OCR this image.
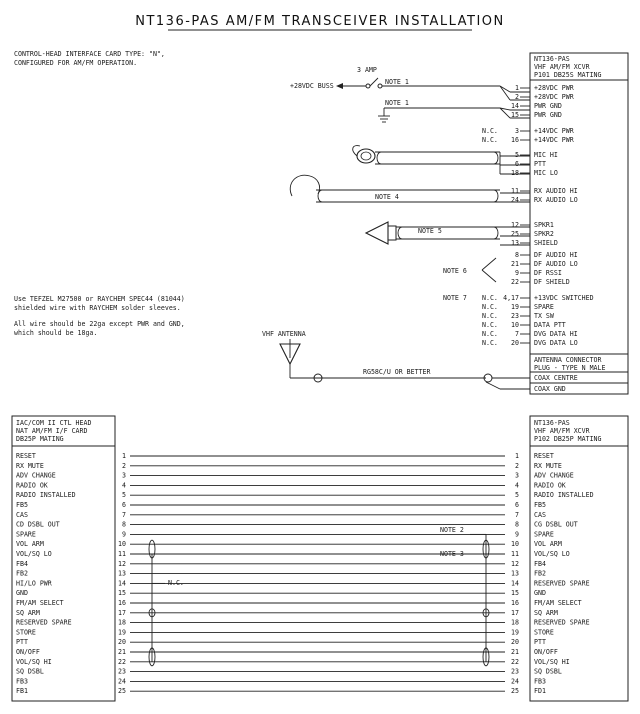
NT136-PAS AM/FM TRANSCEIVER INSTALLATION
CONTROL-HEAD INTERFACE CARD TYPE: "N",
CONFIGURED FOR AM/FM OPERATION.
Use TEFZEL M27500 or RAYCHEM SPEC44 (81044)
shielded wire with RAYCHEM solder sleeves.
All wire should be 22ga except PWR and GND,
which should be 18ga.
NT136-PAS
VHF AM/FM XCVR
P101 DB25S MATING
ANTENNA CONNECTOR
PLUG - TYPE N MALE
COAX CENTRE
COAX GND
1 +28VDC PWR
2 +28VDC PWR
14 PWR GND
15 PWR GND
N.C.	3 +14VDC PWR
N.C. 16 +14VDC PWR
5 MIC HI
6 PTT
18 MIC LO
11 RX AUDIO HI
24 RX AUDIO LO
12 SPKR1
25 SPKR2
13 SHIELD
8 DF AUDIO HI
21 DF AUDIO LO
9 DF RSSI
22 DF SHIELD
N.C. 4,17 +13VDC SWITCHED
N.C. 19 SPARE
N.C. 23 TX SW
N.C. 10 DATA PTT
N.C.	7 DVG DATA HI
N.C. 20 DVG DATA LO
+28VDC BUSS
3 AMP
NOTE 1
NOTE 1
NOTE 4
NOTE 5
NOTE 6
NOTE 7
VHF ANTENNA
RG58C/U OR BETTER
IAC/COM II CTL HEAD
NAT AM/FM I/F CARD
DB25P MATING
NT136-PAS
VHF AM/FM XCVR
P102 DB25P MATING
RESET	1	1 RESET
RX MUTE	2	2 RX MUTE
ADV CHANGE	3	3 ADV CHANGE
RADIO OK	4	4 RADIO OK
RADIO INSTALLED	5	5 RADIO INSTALLED
FB5	6	6 FB5
CAS	7	7 CAS
CD DSBL OUT	8	8 CG DSBL OUT
SPARE	9	9 SPARE
VOL ARM	10	10 VOL ARM
VOL/SQ LO	11	11 VOL/SQ LO
FB4	12	12 FB4
FB2	13	13 FB2
HI/LO PWR	14	14 RESERVED SPARE
GND	15	15 GND
FM/AM SELECT	16	16 FM/AM SELECT
SQ ARM	17	17 SQ ARM
RESERVED SPARE	18	18 RESERVED SPARE
STORE	19	19 STORE
PTT	20	20 PTT
ON/OFF	21	21 ON/OFF
VOL/SQ HI	22	22 VOL/SQ HI
SQ DSBL	23	23 SQ DSBL
FB3	24	24 FB3
FB1	25	25 FD1
NOTE 2
NOTE 3
N.C.
